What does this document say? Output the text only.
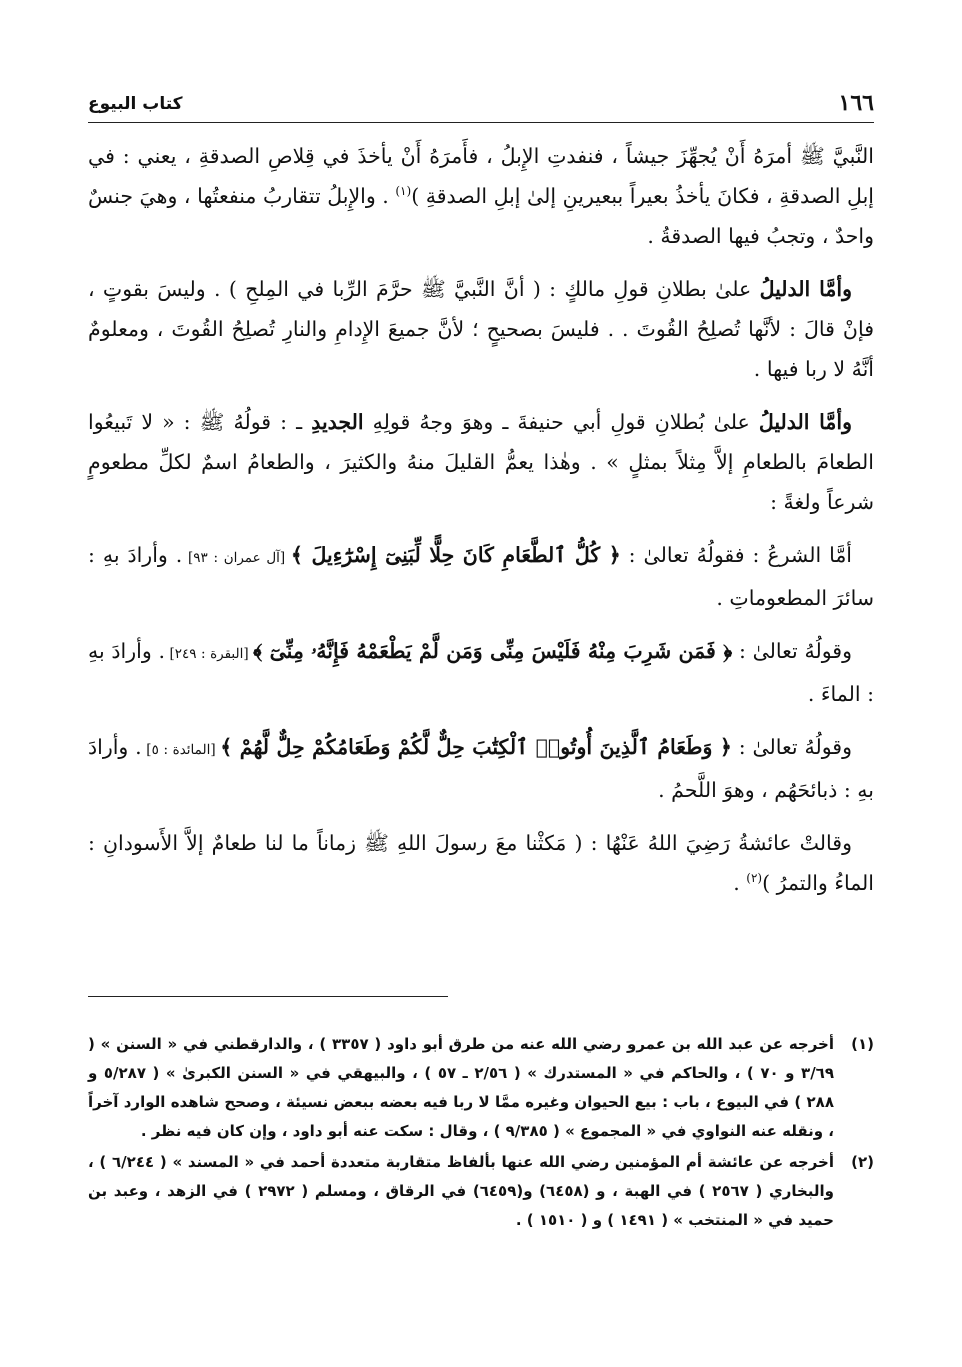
١٦٦
كتاب البيوع

النَّبيَّ ﷺ أمرَهُ أَنْ يُجهِّزَ جيشاً ، فنفدتِ الإِبلُ ، فأَمرَهُ أَنْ يأخذَ في قِلاصِ الصدقةِ ، يعني : في إبلِ الصدقةِ ، فكانَ يأخذُ بعيراً ببعيرينِ إلىٰ إبلِ الصدقةِ )$^{(١)}$ . والإِبلُ تتقاربُ منفعتُها ، وهيَ جنسٌ واحدٌ ، وتجبُ فيها الصدقةُ .

وأمَّا الدليلُ علىٰ بطلانِ قولِ مالكٍ : ( أنَّ النَّبيَّ ﷺ حرَّمَ الرِّبا في المِلحِ ) . وليسَ بقوتٍ ، فإنْ قالَ : لأنَّها تُصلِحُ القُوتَ . . فليسَ بصحيحٍ ؛ لأنَّ جميعَ الإِدامِ والنارِ تُصلِحُ القُوتَ ، ومعلومٌ أنَّهُ لا ربا فيها .

وأمَّا الدليلُ علىٰ بُطلانِ قولِ أبي حنيفةَ ـ وهوَ وجهُ قولِهِ الجديدِ ـ : قولُهُ ﷺ : « لا تَبيعُوا الطعامَ بالطعامِ إلاَّ مِثلاً بمثلٍ » . وهٰذا يعمُّ القليلَ منهُ والكثيرَ ، والطعامُ اسمٌ لكلِّ مطعومٍ شرعاً ولغةً :

أمَّا الشرعُ : فقولُهُ تعالىٰ : ﴿ كُلُّ ٱلطَّعَامِ كَانَ حِلًّا لِّبَنِىٓ إِسْرَٰٓءِيلَ ﴾ [آل عمران : ٩٣] . وأرادَ بهِ : سائرَ المطعوماتِ .

وقولُهُ تعالىٰ : ﴿ فَمَن شَرِبَ مِنْهُ فَلَيْسَ مِنِّى وَمَن لَّمْ يَطْعَمْهُ فَإِنَّهُۥ مِنِّىٓ ﴾ [البقرة : ٢٤٩] . وأرادَ بهِ : الماءَ .

وقولُهُ تعالىٰ : ﴿ وَطَعَامُ ٱلَّذِينَ أُوتُوا۟ ٱلْكِتَٰبَ حِلٌّ لَّكُمْ وَطَعَامُكُمْ حِلٌّ لَّهُمْ ﴾ [المائدة : ٥] . وأرادَ بهِ : ذبائحَهُم ، وهوَ اللَّحمُ .

وقالتْ عائشةُ رَضِيَ اللهُ عَنْهُا : ( مَكثْنا معَ رسولَ اللهِ ﷺ زماناً ما لنا طعامٌ إلاَّ الأَسودانِ : الماءُ والتمرُ )$^{(٢)}$ .

(١)
أخرجه عن عبد الله بن عمرو رضي الله عنه من طرق أبو داود ( ٣٣٥٧ ) ، والدارقطني في « السنن » ( ٣/٦٩ و ٧٠ ) ، والحاكم في « المستدرك » ( ٢/٥٦ ـ ٥٧ ) ، والبيهقي في « السنن الكبرىٰ » ( ٥/٢٨٧ و ٢٨٨ ) في البيوع ، باب : بيع الحيوان وغيره ممَّا لا ربا فيه بعضه ببعض نسيئة ، وصحح شاهده الوارد آخراً ، ونقله عنه النواوي في « المجموع » ( ٩/٣٨٥ ) ، وقال : سكت عنه أبو داود ، وإن كان فيه نظر .
(٢)
أخرجه عن عائشة أم المؤمنين رضي الله عنها بألفاظ متقاربة متعددة أحمد في « المسند » ( ٦/٢٤٤ ) ، والبخاري ( ٢٥٦٧ ) في الهبة ، و (٦٤٥٨) و(٦٤٥٩) في الرقاق ، ومسلم ( ٢٩٧٢ ) في الزهد ، وعبد بن حميد في « المنتخب » ( ١٤٩١ ) و ( ١٥١٠ ) .
